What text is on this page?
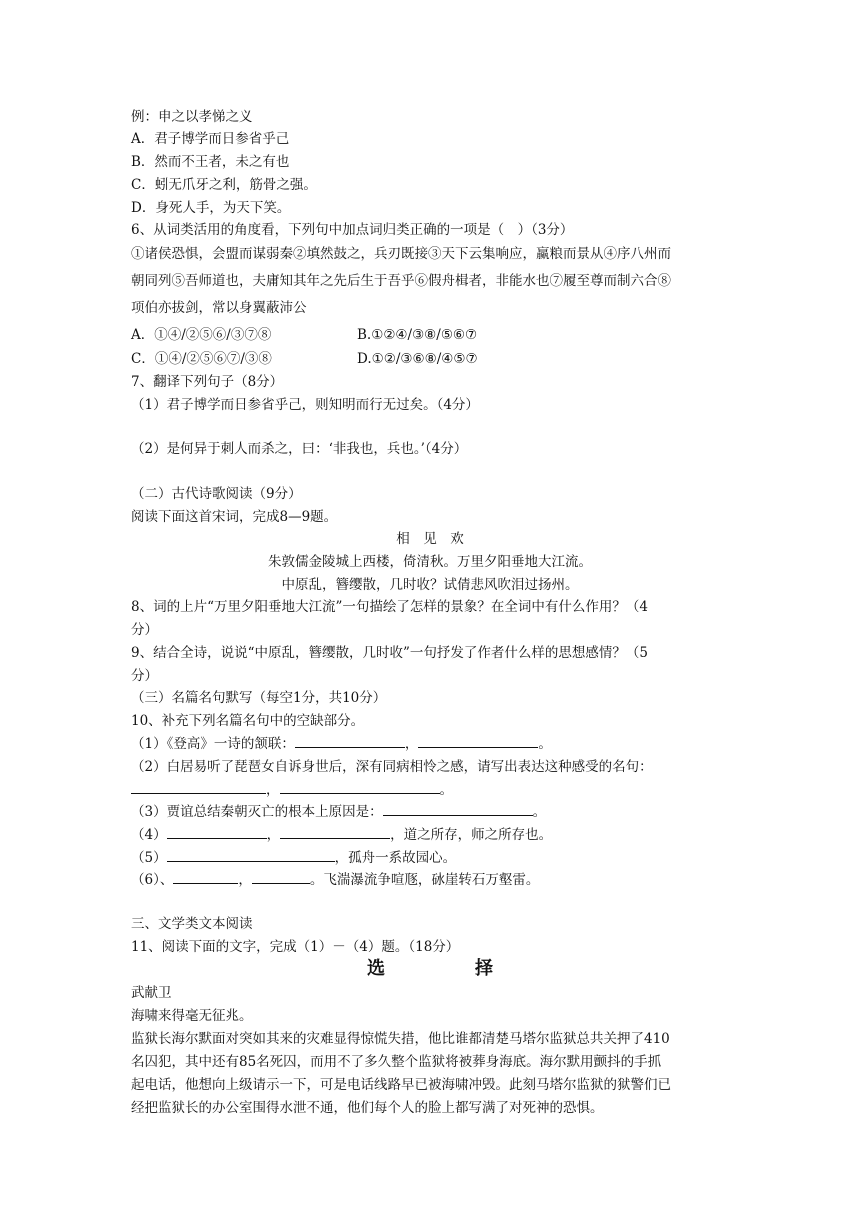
例：申之以孝悌之义
A．君子博学而日参省乎己
B．然而不王者，未之有也
C．蚓无爪牙之利，筋骨之强。
D．身死人手，为天下笑。
6、从词类活用的角度看，下列句中加点词归类正确的一项是（　）（3分）
①诸侯恐惧，会盟而谋弱秦②填然鼓之，兵刃既接③天下云集响应，赢粮而景从④序八州而
朝同列⑤吾师道也，夫庸知其年之先后生于吾乎⑥假舟楫者，非能水也⑦履至尊而制六合⑧
项伯亦拔剑，常以身翼蔽沛公
A．①④/②⑤⑥/③⑦⑧	B.①②④/③⑧/⑤⑥⑦
C．①④/②⑤⑥⑦/③⑧	D.①②/③⑥⑧/④⑤⑦
7、翻译下列句子（8分）
（1）君子博学而日参省乎己，则知明而行无过矣。（4分）
（2）是何异于刺人而杀之，曰：‘非我也，兵也。’（4分）
（二）古代诗歌阅读（9分）
阅读下面这首宋词，完成8—9题。
相　见　欢
朱敦儒金陵城上西楼，倚清秋。万里夕阳垂地大江流。
中原乱，簪缨散，几时收？试倩悲风吹泪过扬州。
8、词的上片“万里夕阳垂地大江流”一句描绘了怎样的景象？在全词中有什么作用？（4
分）
9、结合全诗，说说“中原乱，簪缨散，几时收”一句抒发了作者什么样的思想感情？（5
分）
（三）名篇名句默写（每空1分，共10分）
10、补充下列名篇名句中的空缺部分。
（1）《登高》一诗的颔联：	，	。
（2）白居易听了琵琶女自诉身世后，深有同病相怜之感，请写出表达这种感受的名句：
，	。
（3）贾谊总结秦朝灭亡的根本上原因是：	。
（4）	，	，道之所存，师之所存也。
（5）	，孤舟一系故园心。
（6）、	，	。飞湍瀑流争喧豗，砅崖转石万壑雷。
三、文学类文本阅读
11、阅读下面的文字，完成（1）－（4）题。（18分）
选	择
武献卫
海啸来得毫无征兆。
监狱长海尔默面对突如其来的灾难显得惊慌失措，他比谁都清楚马塔尔监狱总共关押了410
名囚犯，其中还有85名死囚，而用不了多久整个监狱将被葬身海底。海尔默用颤抖的手抓
起电话，他想向上级请示一下，可是电话线路早已被海啸冲毁。此刻马塔尔监狱的狱警们已
经把监狱长的办公室围得水泄不通，他们每个人的脸上都写满了对死神的恐惧。
